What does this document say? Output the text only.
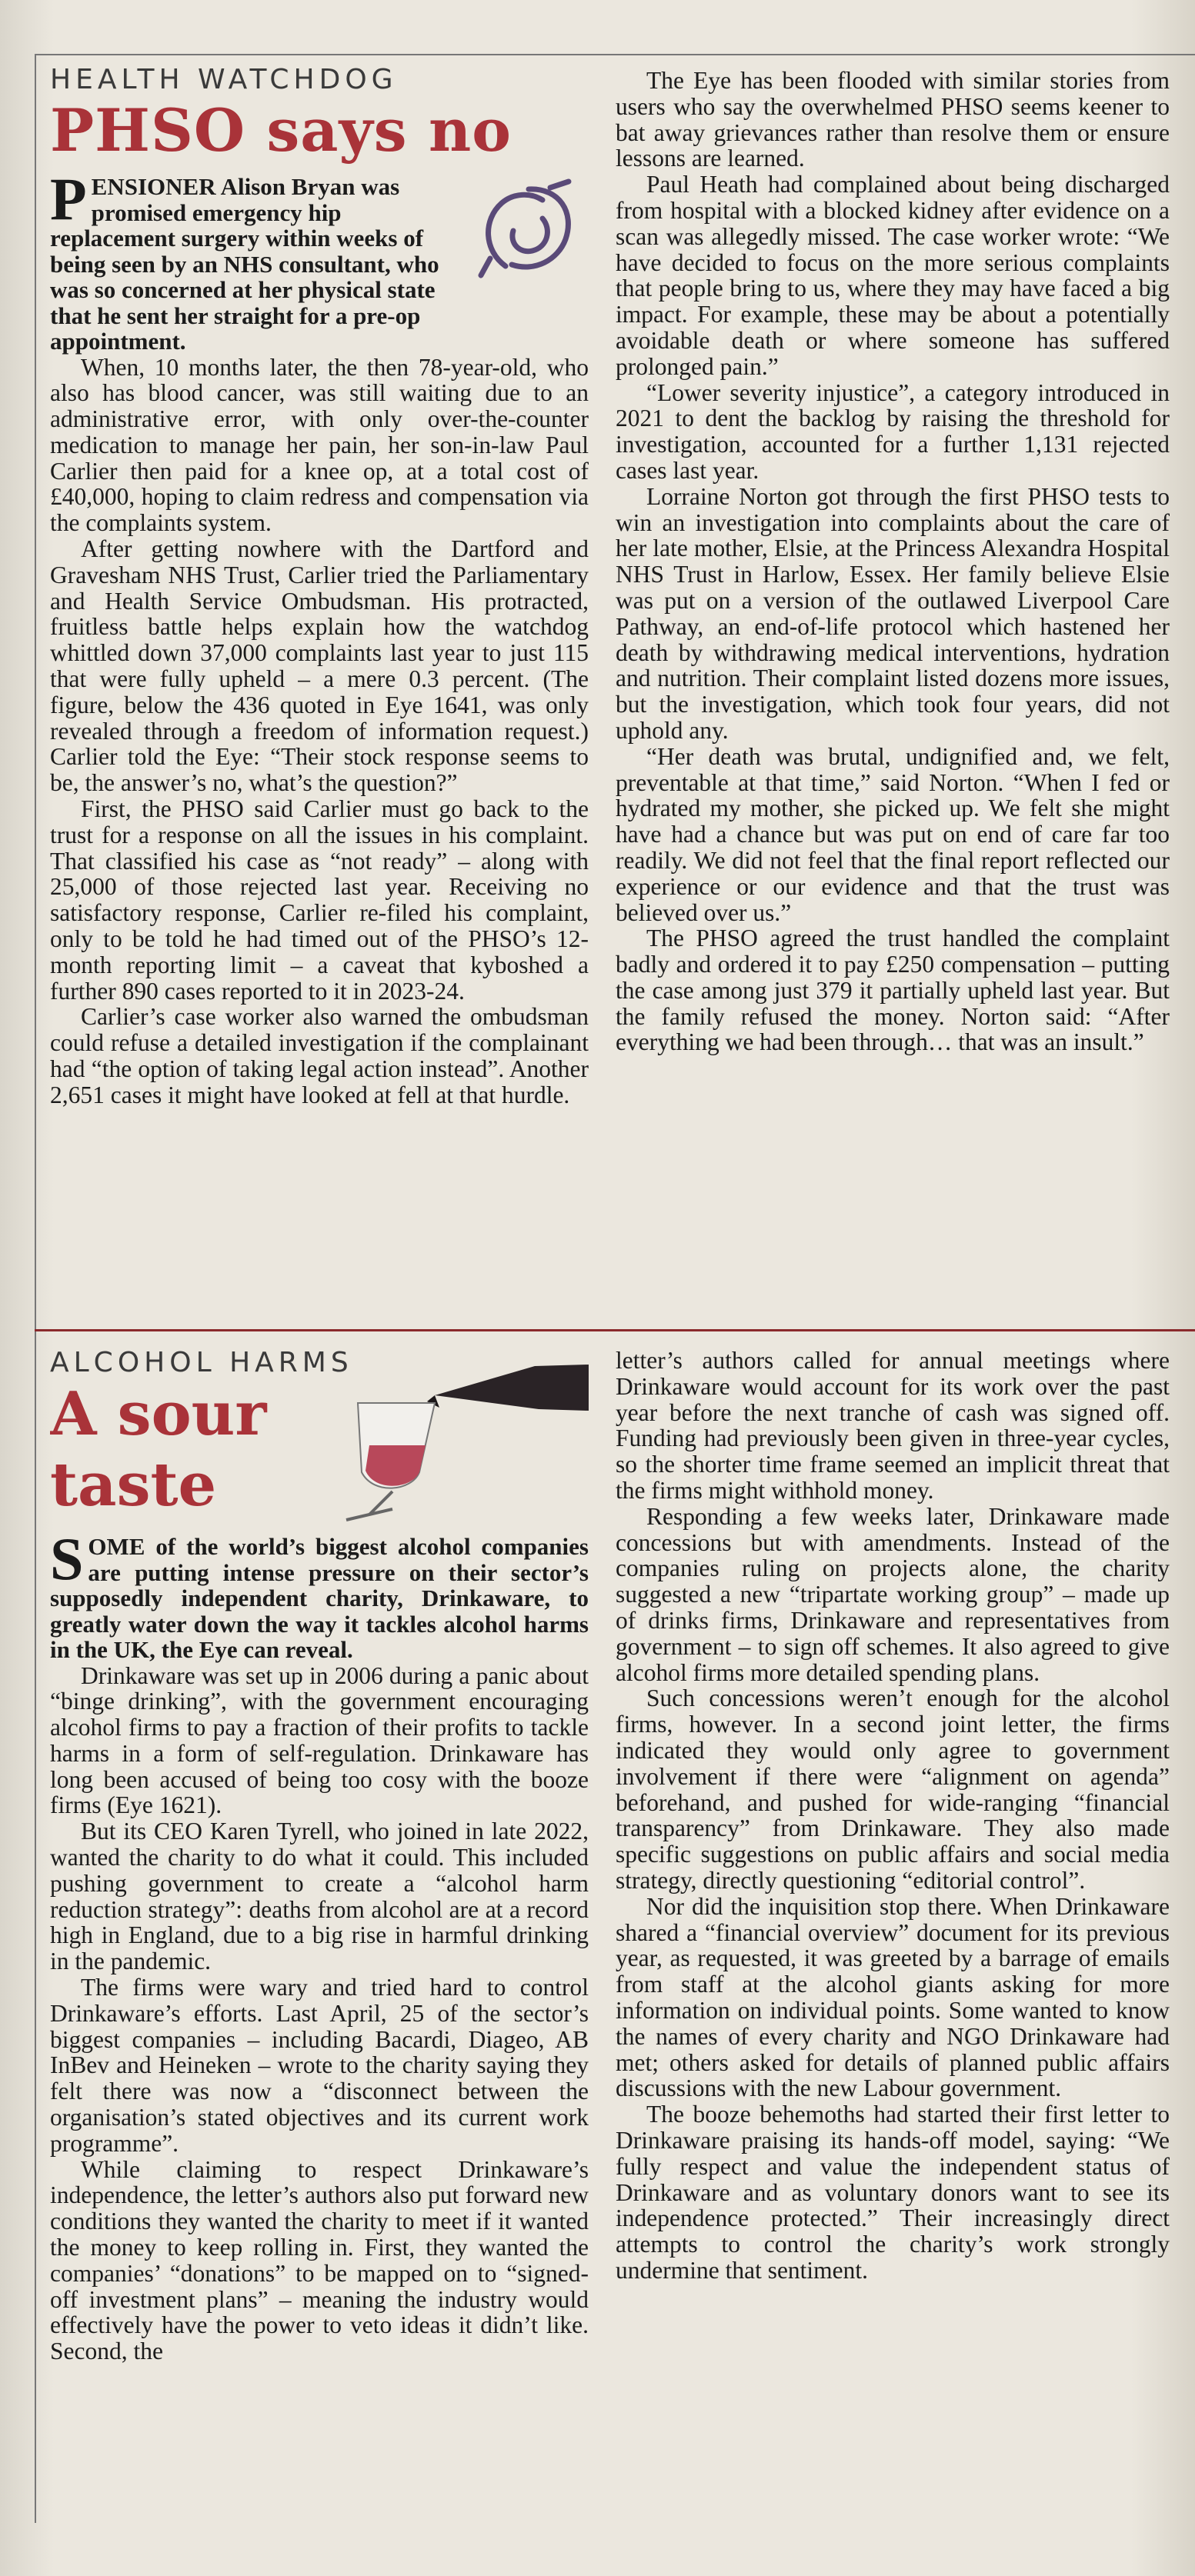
HEALTH WATCHDOG
PHSO says no

PENSIONER Alison Bryan was promised emergency hip replacement surgery within weeks of being seen by an NHS consultant, who was so concerned at her physical state that he sent her straight for a pre-op appointment.

When, 10 months later, the then 78-year-old, who also has blood cancer, was still waiting due to an administrative error, with only over-the-counter medication to manage her pain, her son-in-law Paul Carlier then paid for a knee op, at a total cost of £40,000, hoping to claim redress and compensation via the complaints system.

After getting nowhere with the Dartford and Gravesham NHS Trust, Carlier tried the Parliamentary and Health Service Ombudsman. His protracted, fruitless battle helps explain how the watchdog whittled down 37,000 complaints last year to just 115 that were fully upheld – a mere 0.3 percent. (The figure, below the 436 quoted in Eye 1641, was only revealed through a freedom of information request.) Carlier told the Eye: “Their stock response seems to be, the answer’s no, what’s the question?”

First, the PHSO said Carlier must go back to the trust for a response on all the issues in his complaint. That classified his case as “not ready” – along with 25,000 of those rejected last year. Receiving no satisfactory response, Carlier re-filed his complaint, only to be told he had timed out of the PHSO’s 12-month reporting limit – a caveat that kyboshed a further 890 cases reported to it in 2023-24.

Carlier’s case worker also warned the ombudsman could refuse a detailed investigation if the complainant had “the option of taking legal action instead”. Another 2,651 cases it might have looked at fell at that hurdle.

The Eye has been flooded with similar stories from users who say the overwhelmed PHSO seems keener to bat away grievances rather than resolve them or ensure lessons are learned.

Paul Heath had complained about being discharged from hospital with a blocked kidney after evidence on a scan was allegedly missed. The case worker wrote: “We have decided to focus on the more serious complaints that people bring to us, where they may have faced a big impact. For example, these may be about a potentially avoidable death or where someone has suffered prolonged pain.”

“Lower severity injustice”, a category introduced in 2021 to dent the backlog by raising the threshold for investigation, accounted for a further 1,131 rejected cases last year.

Lorraine Norton got through the first PHSO tests to win an investigation into complaints about the care of her late mother, Elsie, at the Princess Alexandra Hospital NHS Trust in Harlow, Essex. Her family believe Elsie was put on a version of the outlawed Liverpool Care Pathway, an end-of-life protocol which hastened her death by withdrawing medical interventions, hydration and nutrition. Their complaint listed dozens more issues, but the investigation, which took four years, did not uphold any.

“Her death was brutal, undignified and, we felt, preventable at that time,” said Norton. “When I fed or hydrated my mother, she picked up. We felt she might have had a chance but was put on end of care far too readily. We did not feel that the final report reflected our experience or our evidence and that the trust was believed over us.”

The PHSO agreed the trust handled the complaint badly and ordered it to pay £250 compensation – putting the case among just 379 it partially upheld last year. But the family refused the money. Norton said: “After everything we had been through… that was an insult.”

ALCOHOL HARMS
A sour
taste

SOME of the world’s biggest alcohol companies are putting intense pressure on their sector’s supposedly independent charity, Drinkaware, to greatly water down the way it tackles alcohol harms in the UK, the Eye can reveal.

Drinkaware was set up in 2006 during a panic about “binge drinking”, with the government encouraging alcohol firms to pay a fraction of their profits to tackle harms in a form of self-regulation. Drinkaware has long been accused of being too cosy with the booze firms (Eye 1621).

But its CEO Karen Tyrell, who joined in late 2022, wanted the charity to do what it could. This included pushing government to create a “alcohol harm reduction strategy”: deaths from alcohol are at a record high in England, due to a big rise in harmful drinking in the pandemic.

The firms were wary and tried hard to control Drinkaware’s efforts. Last April, 25 of the sector’s biggest companies – including Bacardi, Diageo, AB InBev and Heineken – wrote to the charity saying they felt there was now a “disconnect between the organisation’s stated objectives and its current work programme”.

While claiming to respect Drinkaware’s independence, the letter’s authors also put forward new conditions they wanted the charity to meet if it wanted the money to keep rolling in. First, they wanted the companies’ “donations” to be mapped on to “signed-off investment plans” – meaning the industry would effectively have the power to veto ideas it didn’t like. Second, the

letter’s authors called for annual meetings where Drinkaware would account for its work over the past year before the next tranche of cash was signed off. Funding had previously been given in three-year cycles, so the shorter time frame seemed an implicit threat that the firms might withhold money.

Responding a few weeks later, Drinkaware made concessions but with amendments. Instead of the companies ruling on projects alone, the charity suggested a new “tripartate working group” – made up of drinks firms, Drinkaware and representatives from government – to sign off schemes. It also agreed to give alcohol firms more detailed spending plans.

Such concessions weren’t enough for the alcohol firms, however. In a second joint letter, the firms indicated they would only agree to government involvement if there were “alignment on agenda” beforehand, and pushed for wide-ranging “financial transparency” from Drinkaware. They also made specific suggestions on public affairs and social media strategy, directly questioning “editorial control”.

Nor did the inquisition stop there. When Drinkaware shared a “financial overview” document for its previous year, as requested, it was greeted by a barrage of emails from staff at the alcohol giants asking for more information on individual points. Some wanted to know the names of every charity and NGO Drinkaware had met; others asked for details of planned public affairs discussions with the new Labour government.

The booze behemoths had started their first letter to Drinkaware praising its hands-off model, saying: “We fully respect and value the independent status of Drinkaware and as voluntary donors want to see its independence protected.” Their increasingly direct attempts to control the charity’s work strongly undermine that sentiment.
